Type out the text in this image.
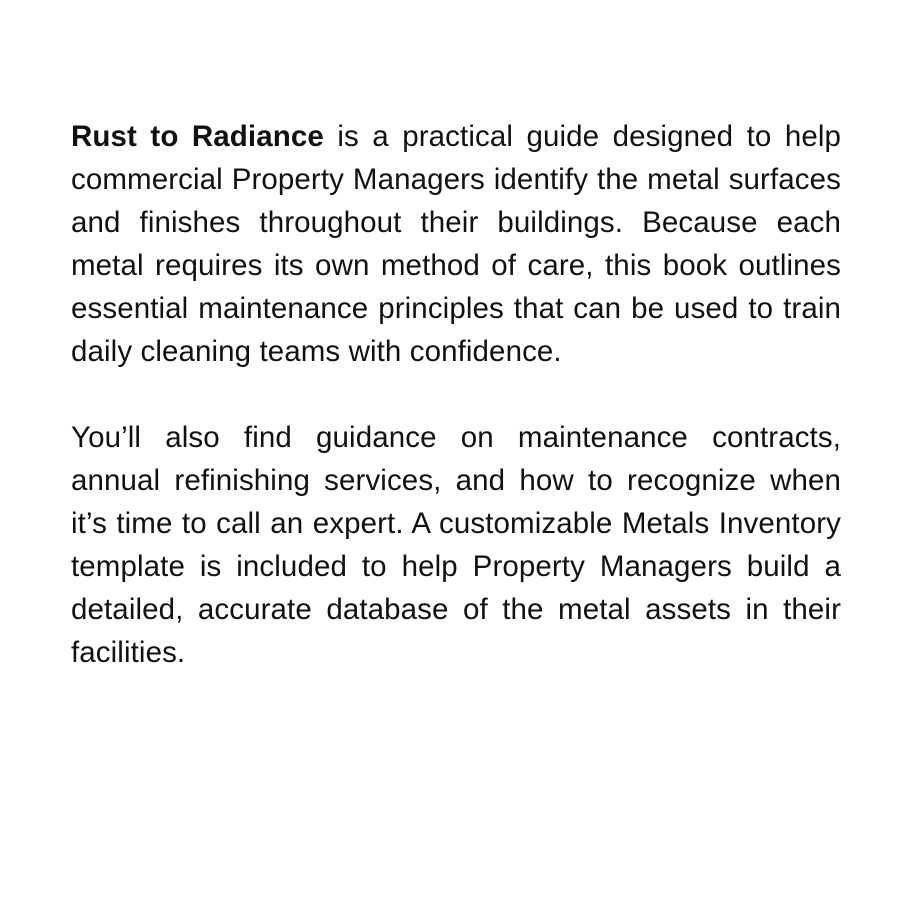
Rust to Radiance is a practical guide designed to help commercial Property Managers identify the metal surfaces and finishes throughout their buildings. Because each metal requires its own method of care, this book outlines essential maintenance principles that can be used to train daily cleaning teams with confidence.

You’ll also find guidance on maintenance contracts, annual refinishing services, and how to recognize when it’s time to call an expert. A customizable Metals Inventory template is included to help Property Managers build a detailed, accurate database of the metal assets in their facilities.
